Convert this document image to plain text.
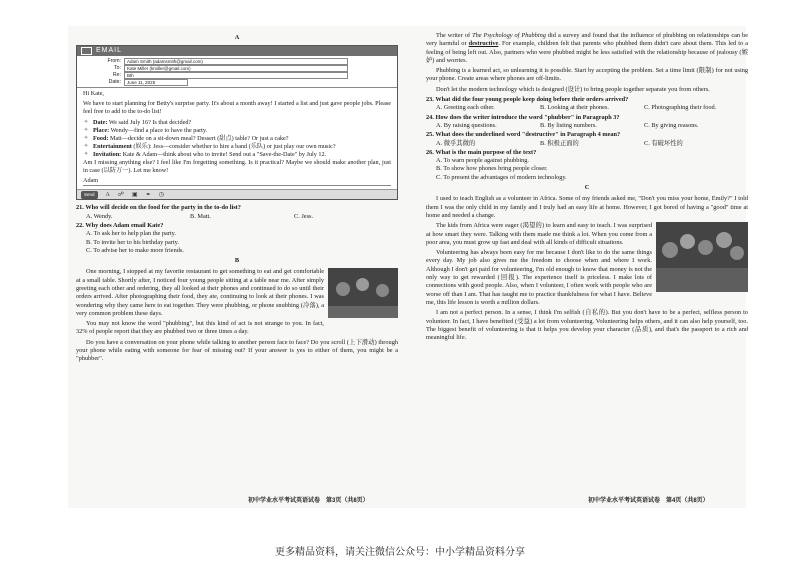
A
EMAIL
From:	Adam Smith (adamsmith@gmail.com)
To:	Kate Miller (kmiller@gmail.com)
Re:	Bth
Date:	June 11, 2025

Hi Kate,

We have to start planning for Betty's surprise party. It's about a month away! I started a list and just gave people jobs. Please feel free to add to the to-do list!

✧ Date: We said July 16? Is that decided?
✧ Place: Wendy—find a place to have the party.
✧ Food: Matt—decide on a sit-down meal? Dessert (甜点) table? Or just a cake?
✧ Entertainment (娱乐): Jess—consider whether to hire a band (乐队) or just play our own music?
✧ Invitation: Kate & Adam—think about who to invite! Send out a "Save-the-Date" by July 12.

Am I missing anything else? I feel like I'm forgetting something. Is it practical? Maybe we should make another plan, just in case (以防万一). Let me know!

Adam

Send	A ☍ ▣ ⚭ ◷

21. Who will decide on the food for the party in the to-do list?

A. Wendy.	B. Matt.	C. Jess.

22. Why does Adam email Kate?

A. To ask her to help plan the party.

B. To invite her to his birthday party.

C. To advise her to make more friends.

B

One morning, I stopped at my favorite restaurant to get something to eat and get comfortable at a small table. Shortly after, I noticed four young people sitting at a table near me. After simply greeting each other and ordering, they all looked at their phones and continued to do so until their orders arrived. After photographing their food, they ate, continuing to look at their phones. I was wondering why they came here to eat together. They were phubbing, or phone snubbing (冷落), a very common problem these days.

You may not know the word "phubbing", but this kind of act is not strange to you. In fact, 32% of people report that they are phubbed two or three times a day.

Do you have a conversation on your phone while talking to another person face to face? Do you scroll (上下滑动) through your phone while eating with someone for fear of missing out? If your answer is yes to either of them, you might be a "phubber".

The writer of The Psychology of Phubbing did a survey and found that the influence of phubbing on relationships can be very harmful or destructive. For example, children felt that parents who phubbed them didn't care about them. This led to a feeling of being left out. Also, partners who were phubbed might be less satisfied with the relationship because of jealousy (嫉妒) and worries.

Phubbing is a learned act, so unlearning it is possible. Start by accepting the problem. Set a time limit (限制) for not using your phone. Create areas where phones are off-limits.

Don't let the modern technology which is designed (设计) to bring people together separate you from others.

23. What did the four young people keep doing before their orders arrived?

A. Greeting each other.	B. Looking at their phones.	C. Photographing their food.

24. How does the writer introduce the word "phubber" in Paragraph 3?

A. By raising questions.	B. By listing numbers.	C. By giving reasons.

25. What does the underlined word "destructive" in Paragraph 4 mean?

A. 微乎其微的	B. 积极正面的	C. 有破坏性的

26. What is the main purpose of the text?

A. To warn people against phubbing.

B. To show how phones bring people closer.

C. To present the advantages of modern technology.

C

I used to teach English as a volunteer in Africa. Some of my friends asked me, "Don't you miss your home, Emily?" I told them I was the only child in my family and I truly had an easy life at home. However, I got bored of having a "good" time at home and needed a change.

The kids from Africa were eager (渴望的) to learn and easy to teach. I was surprised at how smart they were. Talking with them made me think a lot. When you come from a poor area, you must grow up fast and deal with all kinds of difficult situations.

Volunteering has always been easy for me because I don't like to do the same things every day. My job also gives me the freedom to choose when and where I work. Although I don't get paid for volunteering, I'm old enough to know that money is not the only way to get rewarded (回报). The experience itself is priceless. I make lots of connections with good people. Also, when I volunteer, I often work with people who are worse off than I am. That has taught me to practice thankfulness for what I have. Believe me, this life lesson is worth a million dollars.

I am not a perfect person. In a sense, I think I'm selfish (自私的). But you don't have to be a perfect, selfless person to volunteer. In fact, I have benefited (受益) a lot from volunteering. Volunteering helps others, and it can also help yourself, too. The biggest benefit of volunteering is that it helps you develop your character (品质), and that's the passport to a rich and meaningful life.

初中学业水平考试英语试卷　第3页（共8页）	初中学业水平考试英语试卷　第4页（共8页）
更多精品资料，请关注微信公众号：中小学精品资料分享
